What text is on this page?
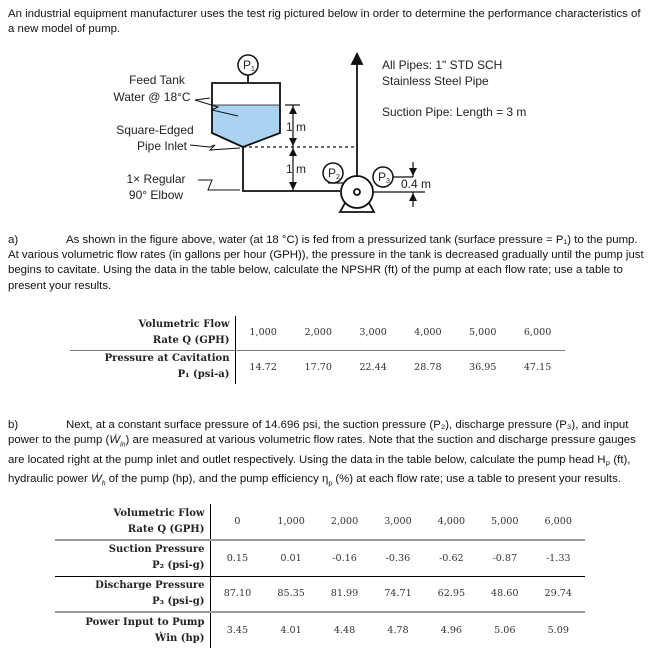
An industrial equipment manufacturer uses the test rig pictured below in order to determine the performance characteristics of a new model of pump.
P1
P2	P3
Feed Tank
Water @ 18°C
Square-Edged
Pipe Inlet
1× Regular
90° Elbow
1 m
1 m
0.4 m
All Pipes: 1" STD SCH
Stainless Steel Pipe
Suction Pipe: Length = 3 m
a)	As shown in the figure above, water (at 18 °C) is fed from a pressurized tank (surface pressure = P₁) to the pump. At various volumetric flow rates (in gallons per hour (GPH)), the pressure in the tank is decreased gradually until the pump just begins to cavitate. Using the data in the table below, calculate the NPSHR (ft) of the pump at each flow rate; use a table to present your results.
Volumetric Flow
Rate Q (GPH)	1,000	2,000	3,000	4,000	5,000	6,000
Pressure at Cavitation
P₁ (psi-a)	14.72	17.70	22.44	28.78	36.95	47.15
b)	Next, at a constant surface pressure of 14.696 psi, the suction pressure (P₂), discharge pressure (P₃), and input power to the pump (Ẇ$_{in}$) are measured at various volumetric flow rates. Note that the suction and discharge pressure gauges are located right at the pump inlet and outlet respectively. Using the data in the table below, calculate the pump head $H_P$ (ft), hydraulic power Ẇ$_h$ of the pump (hp), and the pump efficiency $\eta_p$ (%) at each flow rate; use a table to present your results.
Volumetric Flow
Rate Q (GPH)	0	1,000	2,000	3,000	4,000	5,000	6,000
Suction Pressure
P₂ (psi-g)	0.15	0.01	-0.16	-0.36	-0.62	-0.87	-1.33
Discharge Pressure
P₃ (psi-g)	87.10	85.35	81.99	74.71	62.95	48.60	29.74
Power Input to Pump
Ẇin (hp)	3.45	4.01	4.48	4.78	4.96	5.06	5.09
